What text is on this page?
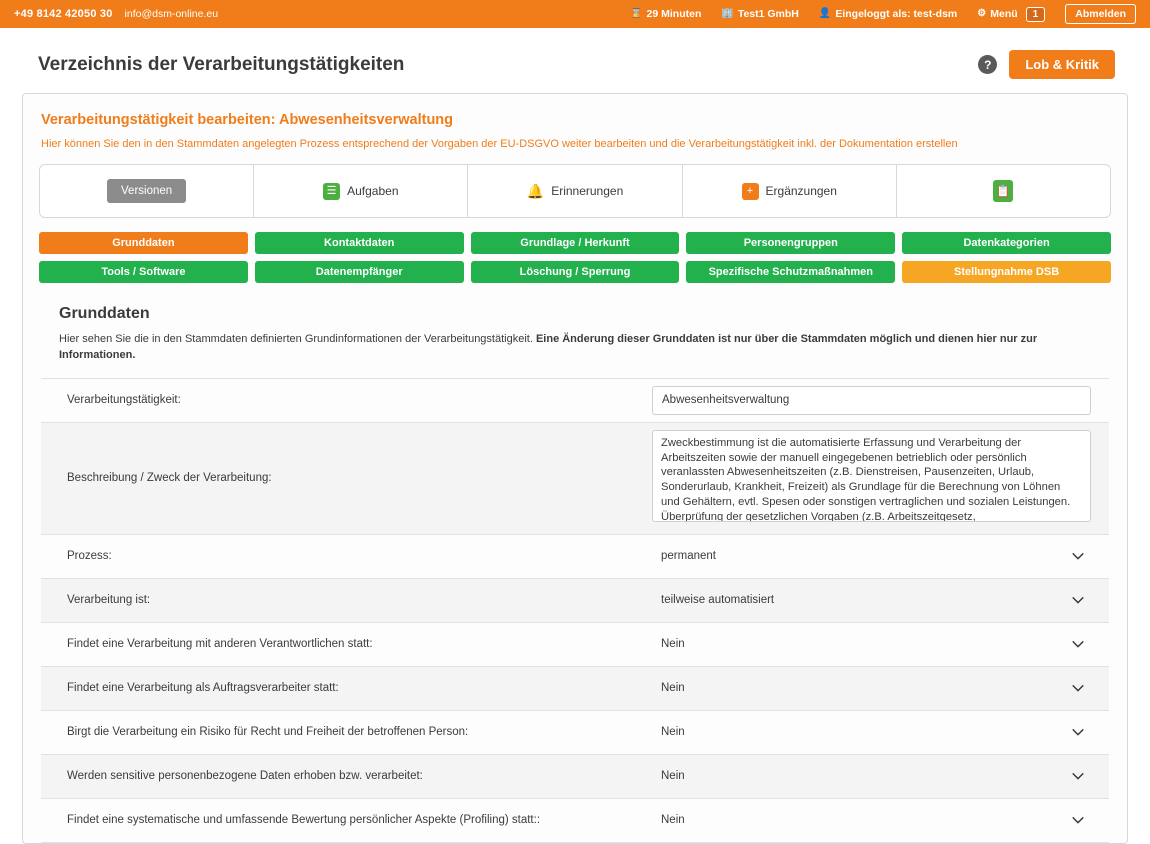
+49 8142 42050 30 info@dsm-online.eu	⌛ 29 Minuten 🏢 Test1 GmbH 👤 Eingeloggt als: test-dsm ⚙ Menü	1	Abmelden
Verzeichnis der Verarbeitungstätigkeiten	?	Lob & Kritik
Verarbeitungstätigkeit bearbeiten: Abwesenheitsverwaltung
Hier können Sie den in den Stammdaten angelegten Prozess entsprechend der Vorgaben der EU-DSGVO weiter bearbeiten und die Verarbeitungstätigkeit inkl. der Dokumentation erstellen
Versionen	☰ Aufgaben	🔔 Erinnerungen	+	Ergänzungen	📋
Grunddaten	Kontaktdaten	Grundlage / Herkunft	Personengruppen	Datenkategorien
Tools / Software	Datenempfänger	Löschung / Sperrung	Spezifische Schutzmaßnahmen	Stellungnahme DSB
Grunddaten
Hier sehen Sie die in den Stammdaten definierten Grundinformationen der Verarbeitungstätigkeit. Eine Änderung dieser Grunddaten ist nur über die Stammdaten möglich und dienen hier nur zur Informationen.
Verarbeitungstätigkeit:
Abwesenheitsverwaltung
Beschreibung / Zweck der Verarbeitung:
Zweckbestimmung ist die automatisierte Erfassung und Verarbeitung der Arbeitszeiten sowie der manuell eingegebenen betrieblich oder persönlich veranlassten Abwesenheitszeiten (z.B. Dienstreisen, Pausenzeiten, Urlaub, Sonderurlaub, Krankheit, Freizeit) als Grundlage für die Berechnung von Löhnen und Gehältern, evtl. Spesen oder sonstigen vertraglichen und sozialen Leistungen. Überprüfung der gesetzlichen Vorgaben (z.B. Arbeitszeitgesetz, Bundesurlaubsgesetz), Auswertungen über Anwesenheitsgrad,
Prozess:	permanent
Verarbeitung ist:	teilweise automatisiert
Findet eine Verarbeitung mit anderen Verantwortlichen statt:	Nein
Findet eine Verarbeitung als Auftragsverarbeiter statt:	Nein
Birgt die Verarbeitung ein Risiko für Recht und Freiheit der betroffenen Person:	Nein
Werden sensitive personenbezogene Daten erhoben bzw. verarbeitet:	Nein
Findet eine systematische und umfassende Bewertung persönlicher Aspekte (Profiling) statt::	Nein
